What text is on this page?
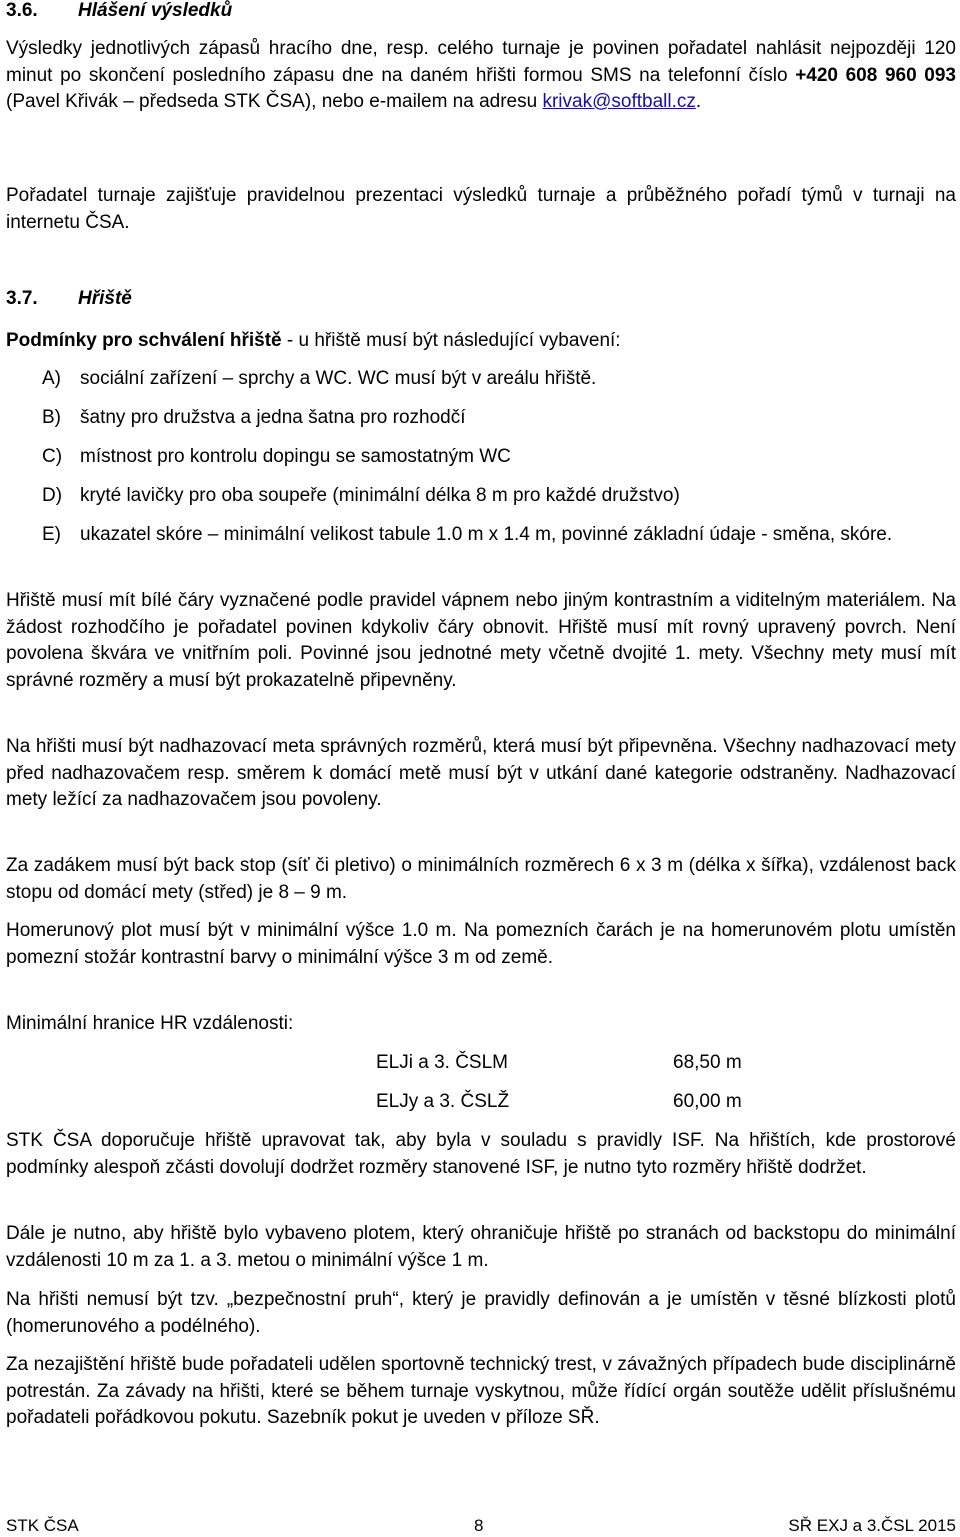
3.6. Hlášení výsledků
Výsledky jednotlivých zápasů hracího dne, resp. celého turnaje je povinen pořadatel nahlásit nejpozději 120 minut po skončení posledního zápasu dne na daném hřišti formou SMS na telefonní číslo +420 608 960 093 (Pavel Křivák – předseda STK ČSA), nebo e-mailem na adresu krivak@softball.cz.
Pořadatel turnaje zajišťuje pravidelnou prezentaci výsledků turnaje a průběžného pořadí týmů v turnaji na internetu ČSA.
3.7. Hřiště
Podmínky pro schválení hřiště - u hřiště musí být následující vybavení:
A) sociální zařízení – sprchy a WC. WC musí být v areálu hřiště.
B) šatny pro družstva a jedna šatna pro rozhodčí
C) místnost pro kontrolu dopingu se samostatným WC
D) kryté lavičky pro oba soupeře (minimální délka 8 m pro každé družstvo)
E) ukazatel skóre – minimální velikost tabule 1.0 m x 1.4 m, povinné základní údaje - směna, skóre.
Hřiště musí mít bílé čáry vyznačené podle pravidel vápnem nebo jiným kontrastním a viditelným materiálem. Na žádost rozhodčího je pořadatel povinen kdykoliv čáry obnovit. Hřiště musí mít rovný upravený povrch. Není povolena škvára ve vnitřním poli. Povinné jsou jednotné mety včetně dvojité 1. mety. Všechny mety musí mít správné rozměry a musí být prokazatelně připevněny.
Na hřišti musí být nadhazovací meta správných rozměrů, která musí být připevněna. Všechny nadhazovací mety před nadhazovačem resp. směrem k domácí metě musí být v utkání dané kategorie odstraněny. Nadhazovací mety ležící za nadhazovačem jsou povoleny.
Za zadákem musí být back stop (síť či pletivo) o minimálních rozměrech 6 x 3 m (délka x šířka), vzdálenost back stopu od domácí mety (střed) je 8 – 9 m.
Homerunový plot musí být v minimální výšce 1.0 m. Na pomezních čarách je na homerunovém plotu umístěn pomezní stožár kontrastní barvy o minimální výšce 3 m od země.
Minimální hranice HR vzdálenosti:
ELJi a 3. ČSLM	68,50 m
ELJy a 3. ČSLŽ	60,00 m
STK ČSA doporučuje hřiště upravovat tak, aby byla v souladu s pravidly ISF. Na hřištích, kde prostorové podmínky alespoň zčásti dovolují dodržet rozměry stanovené ISF, je nutno tyto rozměry hřiště dodržet.
Dále je nutno, aby hřiště bylo vybaveno plotem, který ohraničuje hřiště po stranách od backstopu do minimální vzdálenosti 10 m za 1. a 3. metou o minimální výšce 1 m.
Na hřišti nemusí být tzv. „bezpečnostní pruh“, který je pravidly definován a je umístěn v těsné blízkosti plotů (homerunového a podélného).
Za nezajištění hřiště bude pořadateli udělen sportovně technický trest, v závažných případech bude disciplinárně potrestán. Za závady na hřišti, které se během turnaje vyskytnou, může řídící orgán soutěže udělit příslušnému pořadateli pořádkovou pokutu. Sazebník pokut je uveden v příloze SŘ.
STK ČSA	8	SŘ EXJ a 3.ČSL 2015
